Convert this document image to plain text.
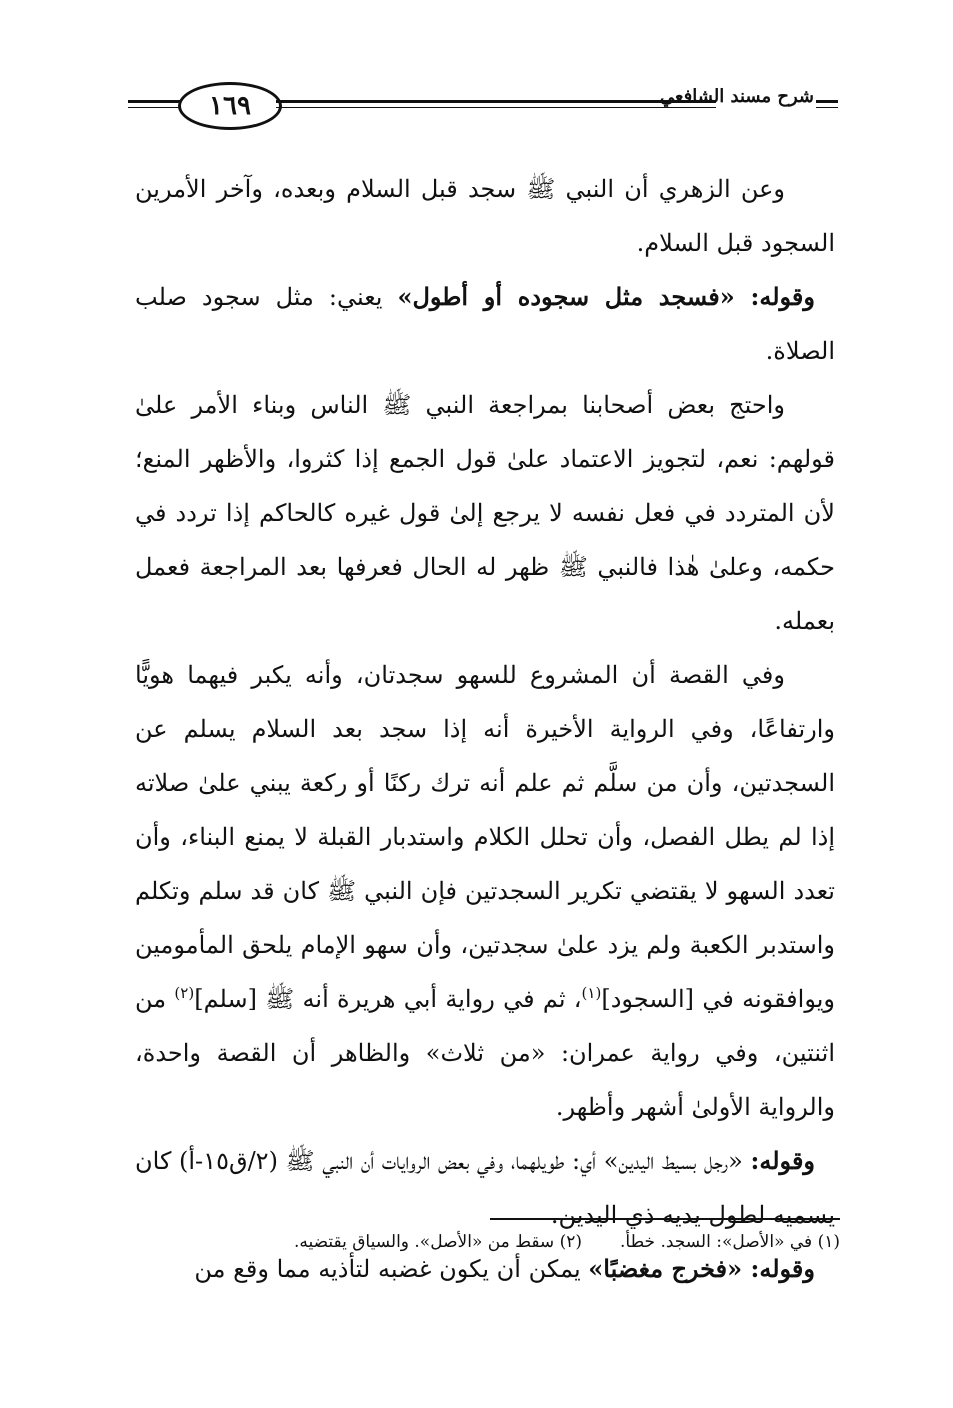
١٦٩	شرح مسند الشافعي

وعن الزهري أن النبي ﷺ سجد قبل السلام وبعده، وآخر الأمرين السجود قبل السلام.

وقوله: «فسجد مثل سجوده أو أطول» يعني: مثل سجود صلب الصلاة.

واحتج بعض أصحابنا بمراجعة النبي ﷺ الناس وبناء الأمر علىٰ قولهم: نعم، لتجويز الاعتماد علىٰ قول الجمع إذا كثروا، والأظهر المنع؛ لأن المتردد في فعل نفسه لا يرجع إلىٰ قول غيره كالحاكم إذا تردد في حكمه، وعلىٰ هٰذا فالنبي ﷺ ظهر له الحال فعرفها بعد المراجعة فعمل بعمله.

وفي القصة أن المشروع للسهو سجدتان، وأنه يكبر فيهما هويًّا وارتفاعًا، وفي الرواية الأخيرة أنه إذا سجد بعد السلام يسلم عن السجدتين، وأن من سلَّم ثم علم أنه ترك ركنًا أو ركعة يبني علىٰ صلاته إذا لم يطل الفصل، وأن تحلل الكلام واستدبار القبلة لا يمنع البناء، وأن تعدد السهو لا يقتضي تكرير السجدتين فإن النبي ﷺ كان قد سلم وتكلم واستدبر الكعبة ولم يزد علىٰ سجدتين، وأن سهو الإمام يلحق المأمومين ويوافقونه في [السجود]$^{(١)}$، ثم في رواية أبي هريرة أنه ﷺ [سلم]$^{(٢)}$ من اثنتين، وفي رواية عمران: «من ثلاث» والظاهر أن القصة واحدة، والرواية الأولىٰ أشهر وأظهر.

وقوله: «رجل بسيط اليدين» أي: طويلهما، وفي بعض الروايات أن النبي ﷺ (٢/ق١٥-أ) كان يسميه لطول يديه ذي اليدين.

وقوله: «فخرج مغضبًا» يمكن أن يكون غضبه لتأذيه مما وقع من

(١) في «الأصل»: السجد. خطأ.
(٢) سقط من «الأصل». والسياق يقتضيه.
